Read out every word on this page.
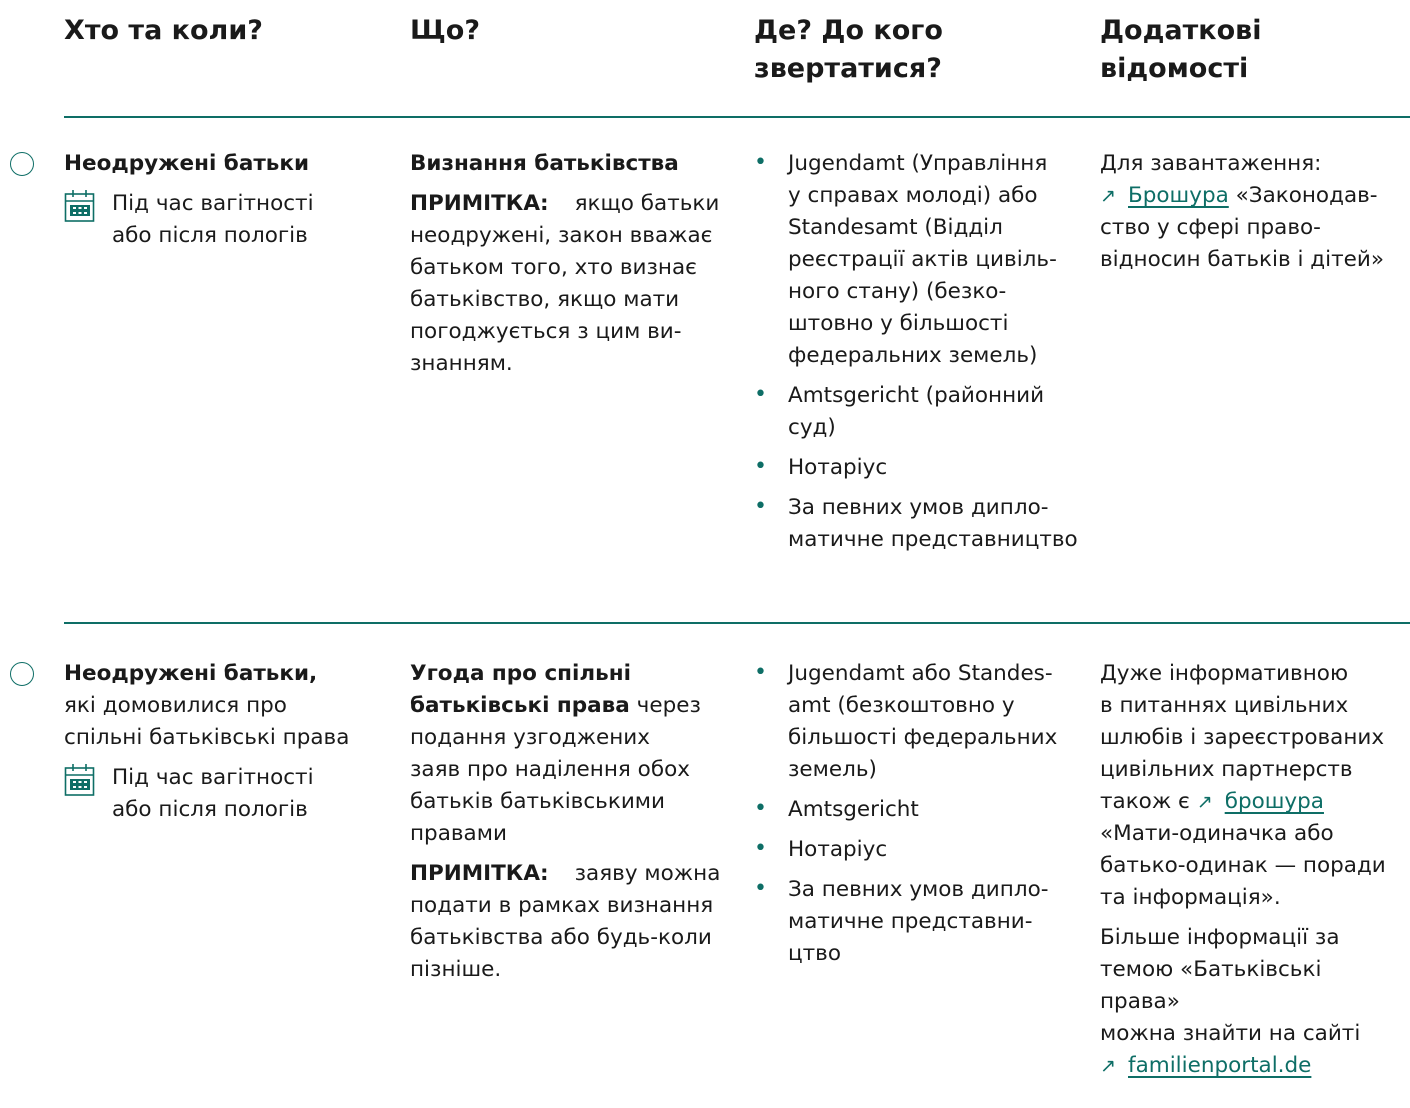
Хто та коли?	Що?	Де? До кого
звертатися?
Додаткові
відомості
Неодружені батьки
Під час вагітності
або після пологів

Визнання батьківства

ПРИМІТКА: якщо батьки
неодружені, закон вважає
батьком того, хто визнає
батьківство, якщо мати
погоджується з цим ви-
знанням.
• Jugendamt (Управління
у справах молоді) або
Standesamt (Відділ
реєстрації актів цивіль-
ного стану) (безко-
штовно у більшості
федеральних земель)
• Amtsgericht (районний
суд)
• Нотаріус
• За певних умов дипло-
матичне представництво
Для завантаження:
↗ Брошура «Законодав-
ство у сфері право-
відносин батьків і дітей»
Неодружені батьки,
які домовилися про
спільні батьківські права
Під час вагітності
або після пологів
Угода про спільні
батьківські права через
подання узгоджених
заяв про наділення обох
батьків батьківськими

правами

ПРИМІТКА: заяву можна
подати в рамках визнання
батьківства або будь-коли
пізніше.
• Jugendamt або Standes-
amt (безкоштовно у
більшості федеральних
земель)
• Amtsgericht
• Нотаріус
• За певних умов дипло-
матичне представни-
цтво
Дуже інформативною
в питаннях цивільних
шлюбів і зареєстрованих
цивільних партнерств
також є ↗ брошура
«Мати-одиначка або
батько-одинак — поради

та інформація».

Більше інформації за
темою «Батьківські права»
можна знайти на сайті
↗ familienportal.de
